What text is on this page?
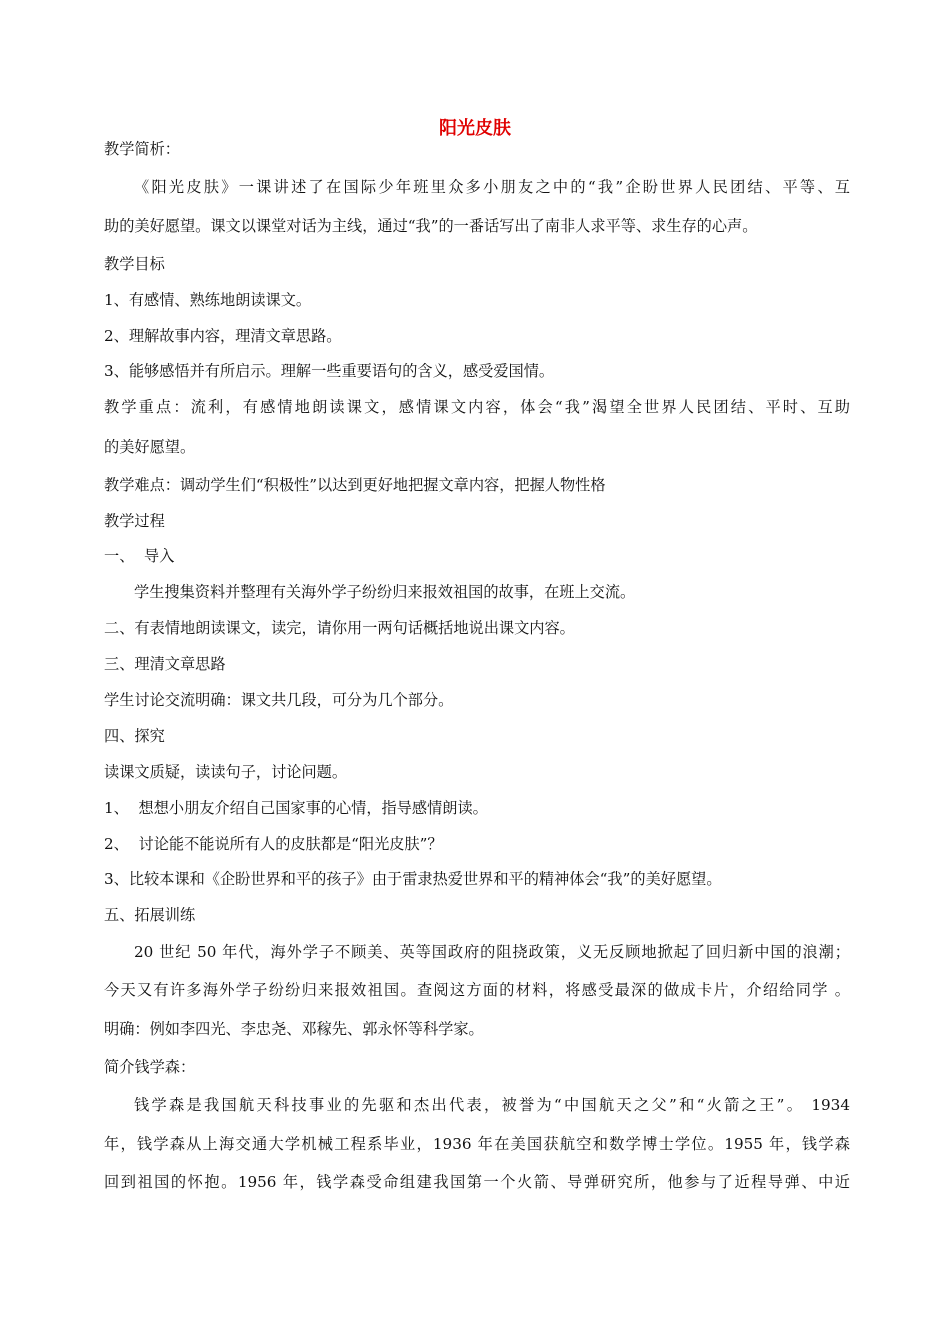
阳光皮肤
教学简析：
《阳光皮肤》一课讲述了在国际少年班里众多小朋友之中的“我”企盼世界人民团结、平等、互
助的美好愿望。课文以课堂对话为主线，通过“我”的一番话写出了南非人求平等、求生存的心声。
教学目标
1、有感情、熟练地朗读课文。
2、理解故事内容，理清文章思路。
3、能够感悟并有所启示。理解一些重要语句的含义，感受爱国情。
教学重点：流利，有感情地朗读课文，感情课文内容，体会“我”渴望全世界人民团结、平时、互助
的美好愿望。
教学难点：调动学生们“积极性”以达到更好地把握文章内容，把握人物性格
教学过程
一、  导入
学生搜集资料并整理有关海外学子纷纷归来报效祖国的故事，在班上交流。
二、有表情地朗读课文，读完，请你用一两句话概括地说出课文内容。
三、理清文章思路
学生讨论交流明确：课文共几段，可分为几个部分。
四、探究
读课文质疑，读读句子，讨论问题。
1、  想想小朋友介绍自己国家事的心情，指导感情朗读。
2、  讨论能不能说所有人的皮肤都是“阳光皮肤”？
3、比较本课和《企盼世界和平的孩子》由于雷隶热爱世界和平的精神体会“我”的美好愿望。
五、拓展训练
20 世纪 50 年代，海外学子不顾美、英等国政府的阻挠政策，义无反顾地掀起了回归新中国的浪潮；
今天又有许多海外学子纷纷归来报效祖国。查阅这方面的材料，将感受最深的做成卡片，介绍给同学 。
明确：例如李四光、李忠尧、邓稼先、郭永怀等科学家。
简介钱学森：
钱学森是我国航天科技事业的先驱和杰出代表，被誉为“中国航天之父”和“火箭之王”。 1934
年，钱学森从上海交通大学机械工程系毕业，1936 年在美国获航空和数学博士学位。1955 年，钱学森
回到祖国的怀抱。1956 年，钱学森受命组建我国第一个火箭、导弹研究所，他参与了近程导弹、中近
